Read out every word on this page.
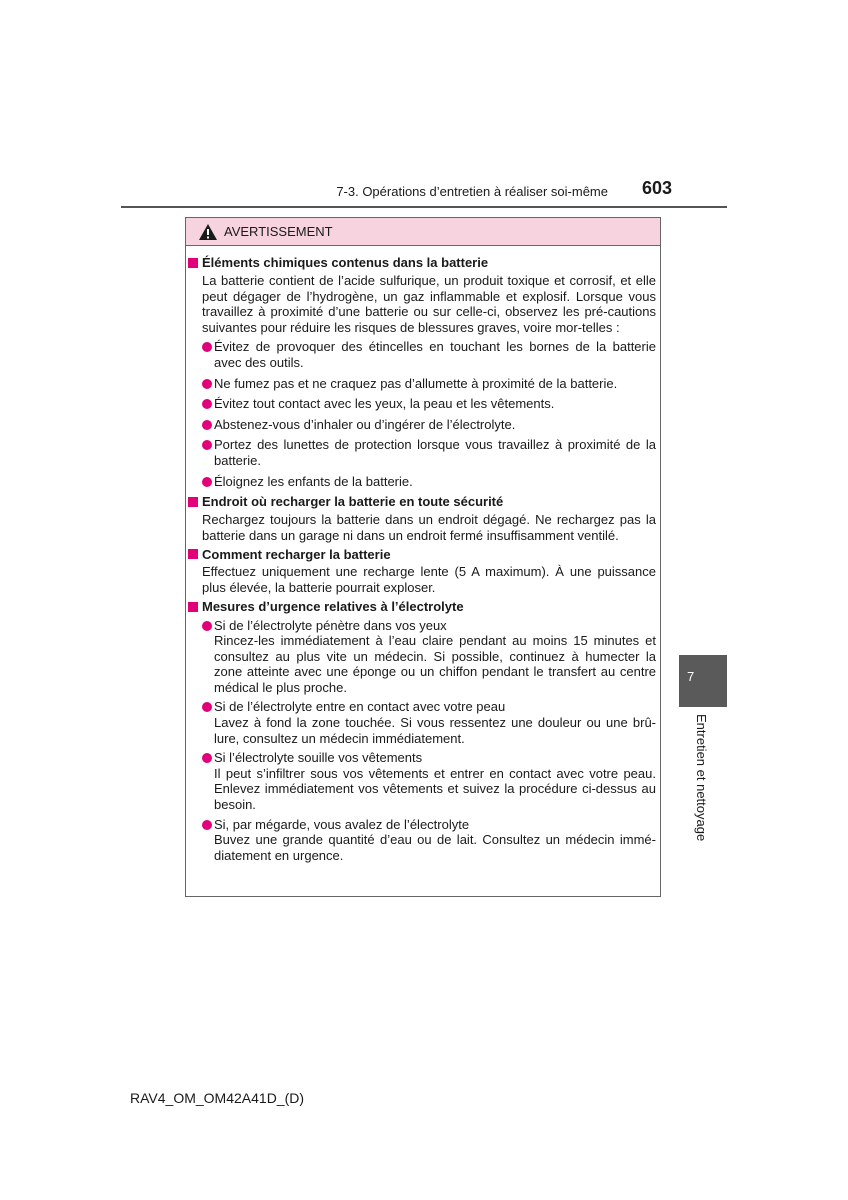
7-3. Opérations d’entretien à réaliser soi-même	603
AVERTISSEMENT
Éléments chimiques contenus dans la batterie
La batterie contient de l’acide sulfurique, un produit toxique et corrosif, et elle peut dégager de l’hydrogène, un gaz inflammable et explosif. Lorsque vous travaillez à proximité d’une batterie ou sur celle-ci, observez les pré-cautions suivantes pour réduire les risques de blessures graves, voire mor-telles :
Évitez de provoquer des étincelles en touchant les bornes de la batterie avec des outils.
Ne fumez pas et ne craquez pas d’allumette à proximité de la batterie.
Évitez tout contact avec les yeux, la peau et les vêtements.
Abstenez-vous d’inhaler ou d’ingérer de l’électrolyte.
Portez des lunettes de protection lorsque vous travaillez à proximité de la batterie.
Éloignez les enfants de la batterie.
Endroit où recharger la batterie en toute sécurité
Rechargez toujours la batterie dans un endroit dégagé. Ne rechargez pas la batterie dans un garage ni dans un endroit fermé insuffisamment ventilé.
Comment recharger la batterie
Effectuez uniquement une recharge lente (5 A maximum). À une puissance plus élevée, la batterie pourrait exploser.
Mesures d’urgence relatives à l’électrolyte
Si de l’électrolyte pénètre dans vos yeux
Rincez-les immédiatement à l’eau claire pendant au moins 15 minutes et consultez au plus vite un médecin. Si possible, continuez à humecter la zone atteinte avec une éponge ou un chiffon pendant le transfert au centre médical le plus proche.
Si de l’électrolyte entre en contact avec votre peau
Lavez à fond la zone touchée. Si vous ressentez une douleur ou une brû-lure, consultez un médecin immédiatement.
Si l’électrolyte souille vos vêtements
Il peut s’infiltrer sous vos vêtements et entrer en contact avec votre peau. Enlevez immédiatement vos vêtements et suivez la procédure ci-dessus au besoin.
Si, par mégarde, vous avalez de l’électrolyte
Buvez une grande quantité d’eau ou de lait. Consultez un médecin immé-diatement en urgence.
7
Entretien et nettoyage
RAV4_OM_OM42A41D_(D)
